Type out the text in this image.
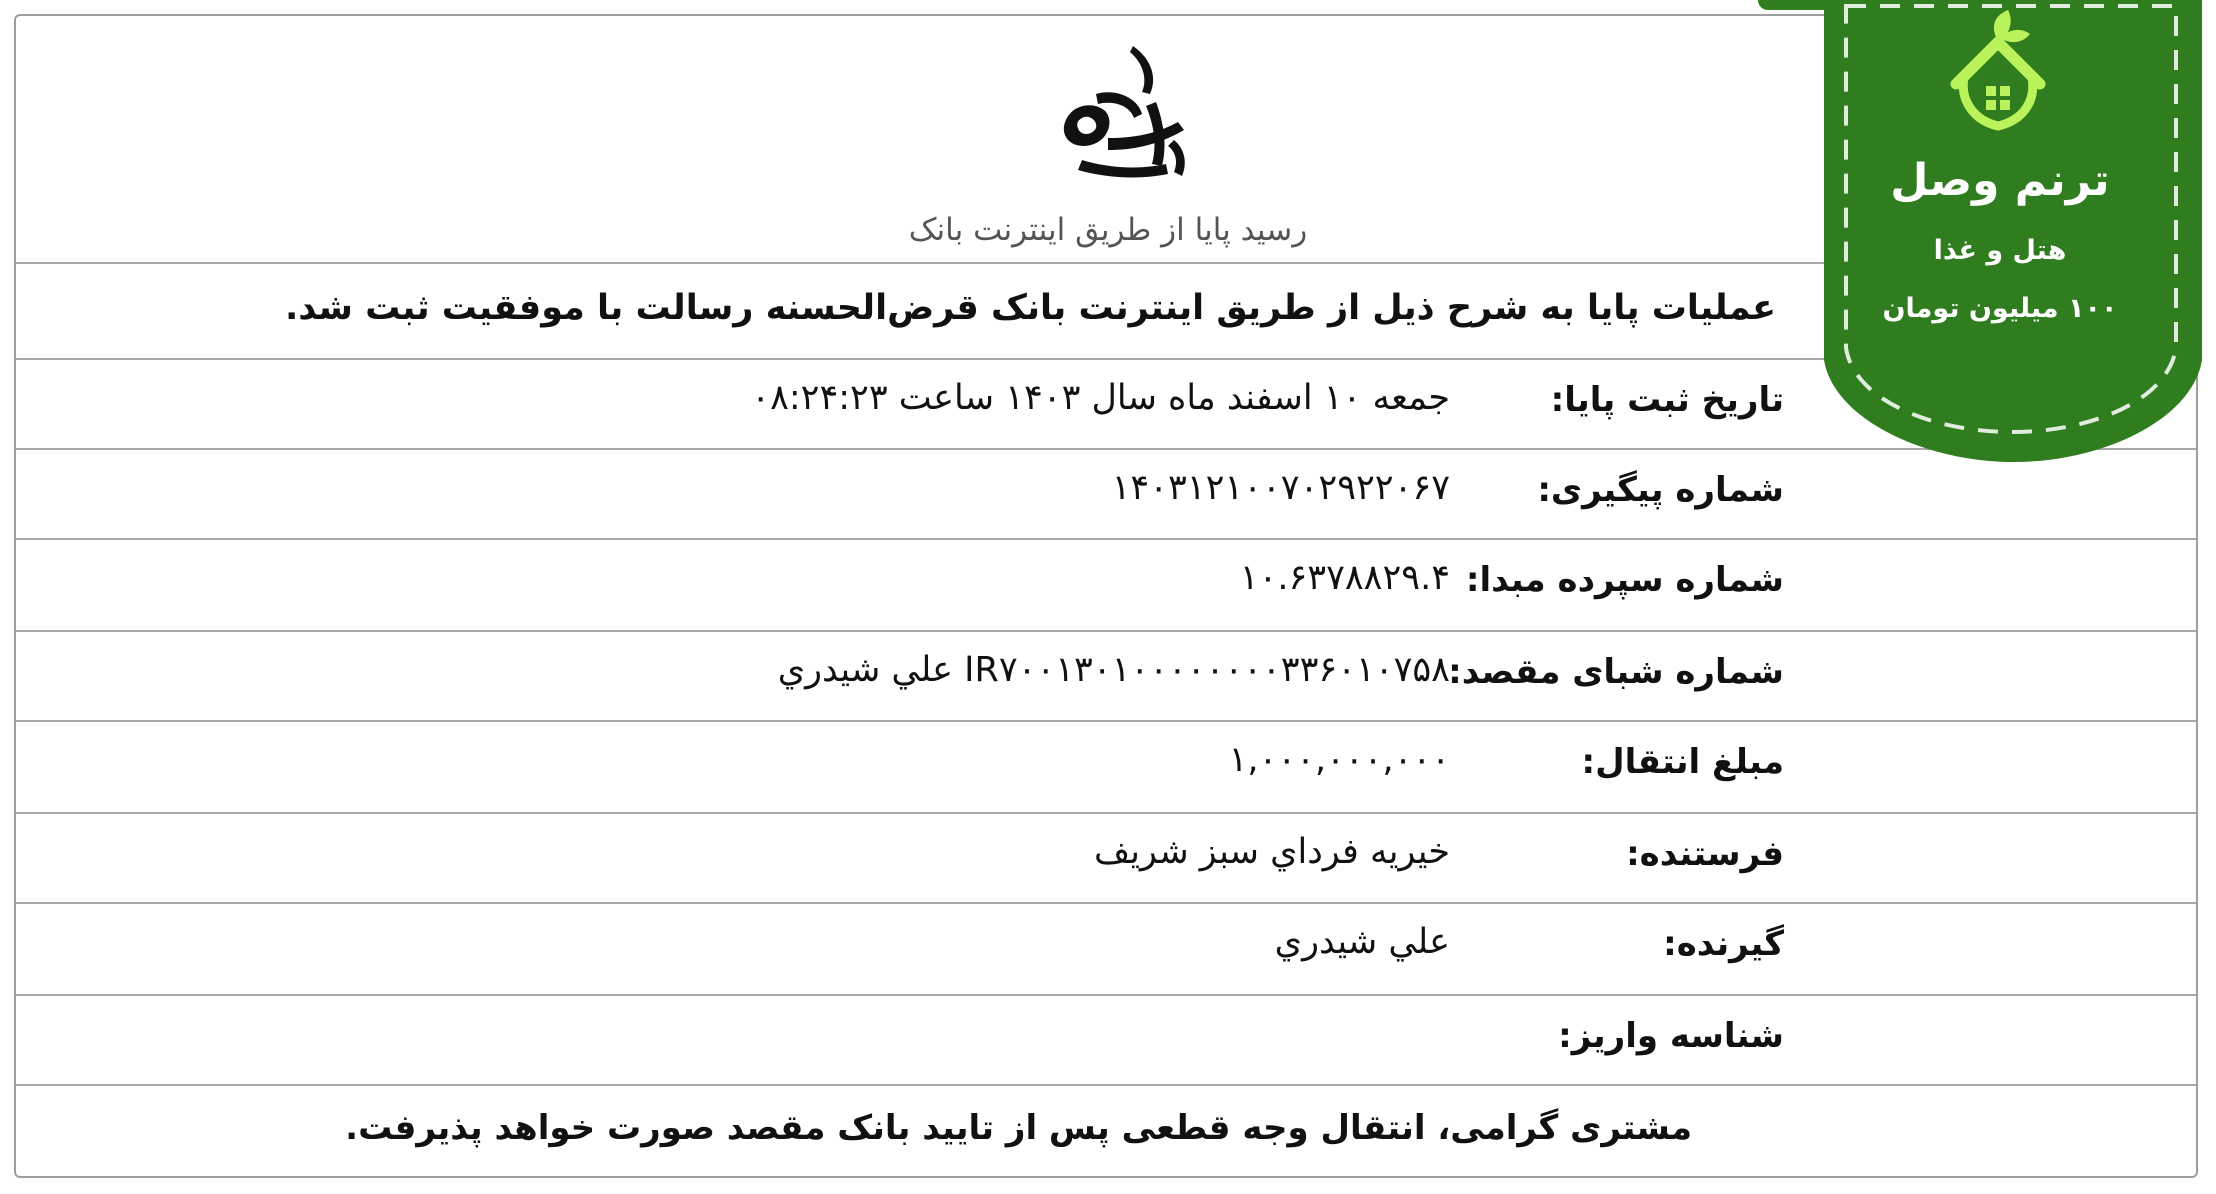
رسید پایا از طریق اینترنت بانک
عملیات پایا به شرح ذیل از طریق اینترنت بانک قرض‌الحسنه رسالت با موفقیت ثبت شد.
تاریخ ثبت پایا:
جمعه ۱۰ اسفند ماه سال ۱۴۰۳ ساعت ۰۸:۲۴:۲۳
شماره پیگیری:
۱۴۰۳۱۲۱۰۰۷۰۲۹۲۲۰۶۷
شماره سپرده مبدا:
۱۰.۶۳۷۸۸۲۹.۴
شماره شبای مقصد:
IR۷۰۰۱۳۰۱۰۰۰۰۰۰۰۰۳۳۶۰۱۰۷۵۸ علي شيدري
مبلغ انتقال:
۱,۰۰۰,۰۰۰,۰۰۰
فرستنده:
خيريه فرداي سبز شريف
گیرنده:
علي شيدري
شناسه واریز:
مشتری گرامی، انتقال وجه قطعی پس از تایید بانک مقصد صورت خواهد پذیرفت.
ترنم وصل
هتل و غذا
۱۰۰ میلیون تومان
